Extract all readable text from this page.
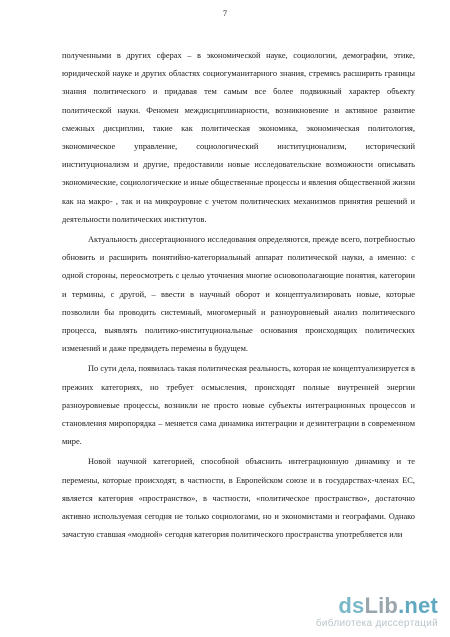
7

полученными в других сферах – в экономической науке, социологии, демографии, этике, юридической науке и других областях социогуманитарного знания, стремясь расширить границы знания политического и придавая тем самым все более подвижный характер объекту политической науки. Феномен междисциплинарности, возникновение и активное развитие смежных дисциплин, такие как политическая экономика, экономическая политология, экономическое управление, социологический институционализм, исторический институционализм и другие, предоставили новые исследовательские возможности описывать экономические, социологические и иные общественные процессы и явления общественной жизни как на макро- , так и на микроуровне с учетом политических механизмов принятия решений и деятельности политических институтов.

Актуальность диссертационного исследования определяются, прежде всего, потребностью обновить и расширить понятийно-категориальный аппарат политической науки, а именно: с одной стороны, переосмотреть с целью уточнения многие основополагающие понятия, категории и термины, с другой, – ввести в научный оборот и концептуализировать новые, которые позволили бы проводить системный, многомерный и разноуровневый анализ политического процесса, выявлять политико-институциональные основания происходящих политических изменений и даже предвидеть перемены в будущем.

По сути дела, появилась такая политическая реальность, которая не концептуализируется в прежних категориях, но требует осмысления, происходят полные внутренней энергии разноуровневые процессы, возникли не просто новые субъекты интеграционных процессов и становления миропорядка – меняется сама динамика интеграции и дезинтеграции в современном мире.

Новой научной категорией, способной объяснить интеграционную динамику и те перемены, которые происходят, в частности, в Европейском союзе и в государствах-членах ЕС, является категория «пространство», в частности, «политическое пространство», достаточно активно используемая сегодня не только социологами, но и экономистами и географами. Однако зачастую ставшая «модной» сегодня категория политического пространства употребляется или

dsLib.net
библиотека диссертаций
